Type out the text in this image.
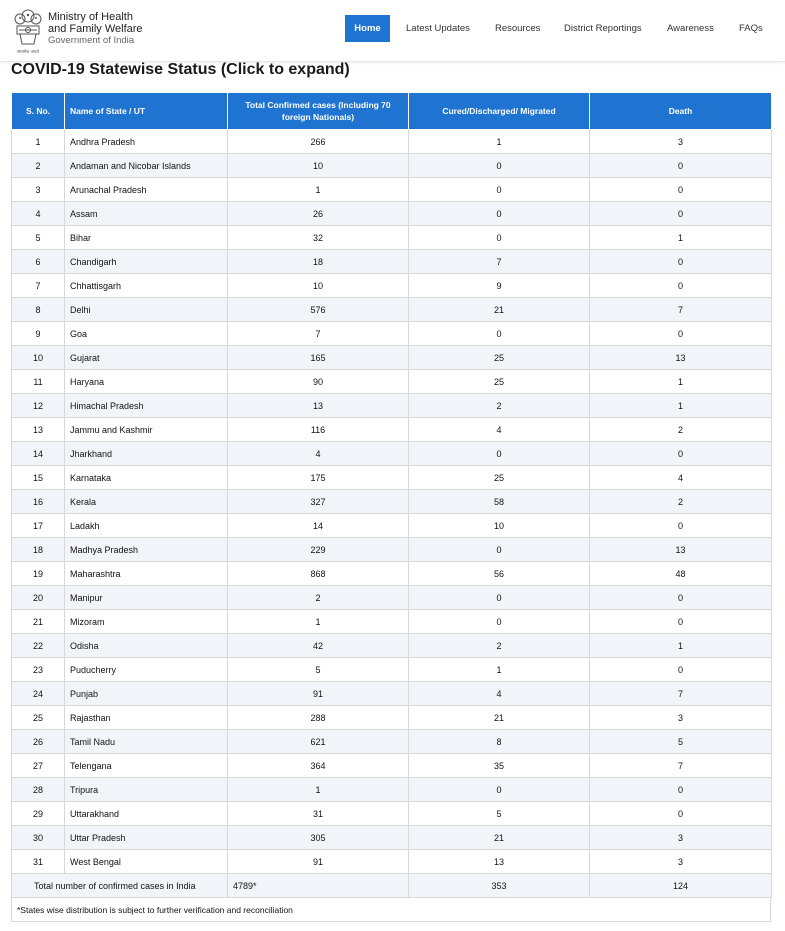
सत्यमेव जयते
Ministry of Health
and Family Welfare
Government of India
Home	Latest Updates	Resources District Reportings	Awareness	FAQs
COVID-19 Statewise Status (Click to expand)
S. No.	Name of State / UT	Total Confirmed cases (Including 70 foreign Nationals)	Cured/Discharged/ Migrated	Death
1	Andhra Pradesh	266	1	3
2	Andaman and Nicobar Islands	10	0	0
3	Arunachal Pradesh	1	0	0
4	Assam	26	0	0
5	Bihar	32	0	1
6	Chandigarh	18	7	0
7	Chhattisgarh	10	9	0
8	Delhi	576	21	7
9	Goa	7	0	0
10	Gujarat	165	25	13
11	Haryana	90	25	1
12	Himachal Pradesh	13	2	1
13	Jammu and Kashmir	116	4	2
14	Jharkhand	4	0	0
15	Karnataka	175	25	4
16	Kerala	327	58	2
17	Ladakh	14	10	0
18	Madhya Pradesh	229	0	13
19	Maharashtra	868	56	48
20	Manipur	2	0	0
21	Mizoram	1	0	0
22	Odisha	42	2	1
23	Puducherry	5	1	0
24	Punjab	91	4	7
25	Rajasthan	288	21	3
26	Tamil Nadu	621	8	5
27	Telengana	364	35	7
28	Tripura	1	0	0
29	Uttarakhand	31	5	0
30	Uttar Pradesh	305	21	3
31	West Bengal	91	13	3
Total number of confirmed cases in India		4789*	353	124
*States wise distribution is subject to further verification and reconciliation
